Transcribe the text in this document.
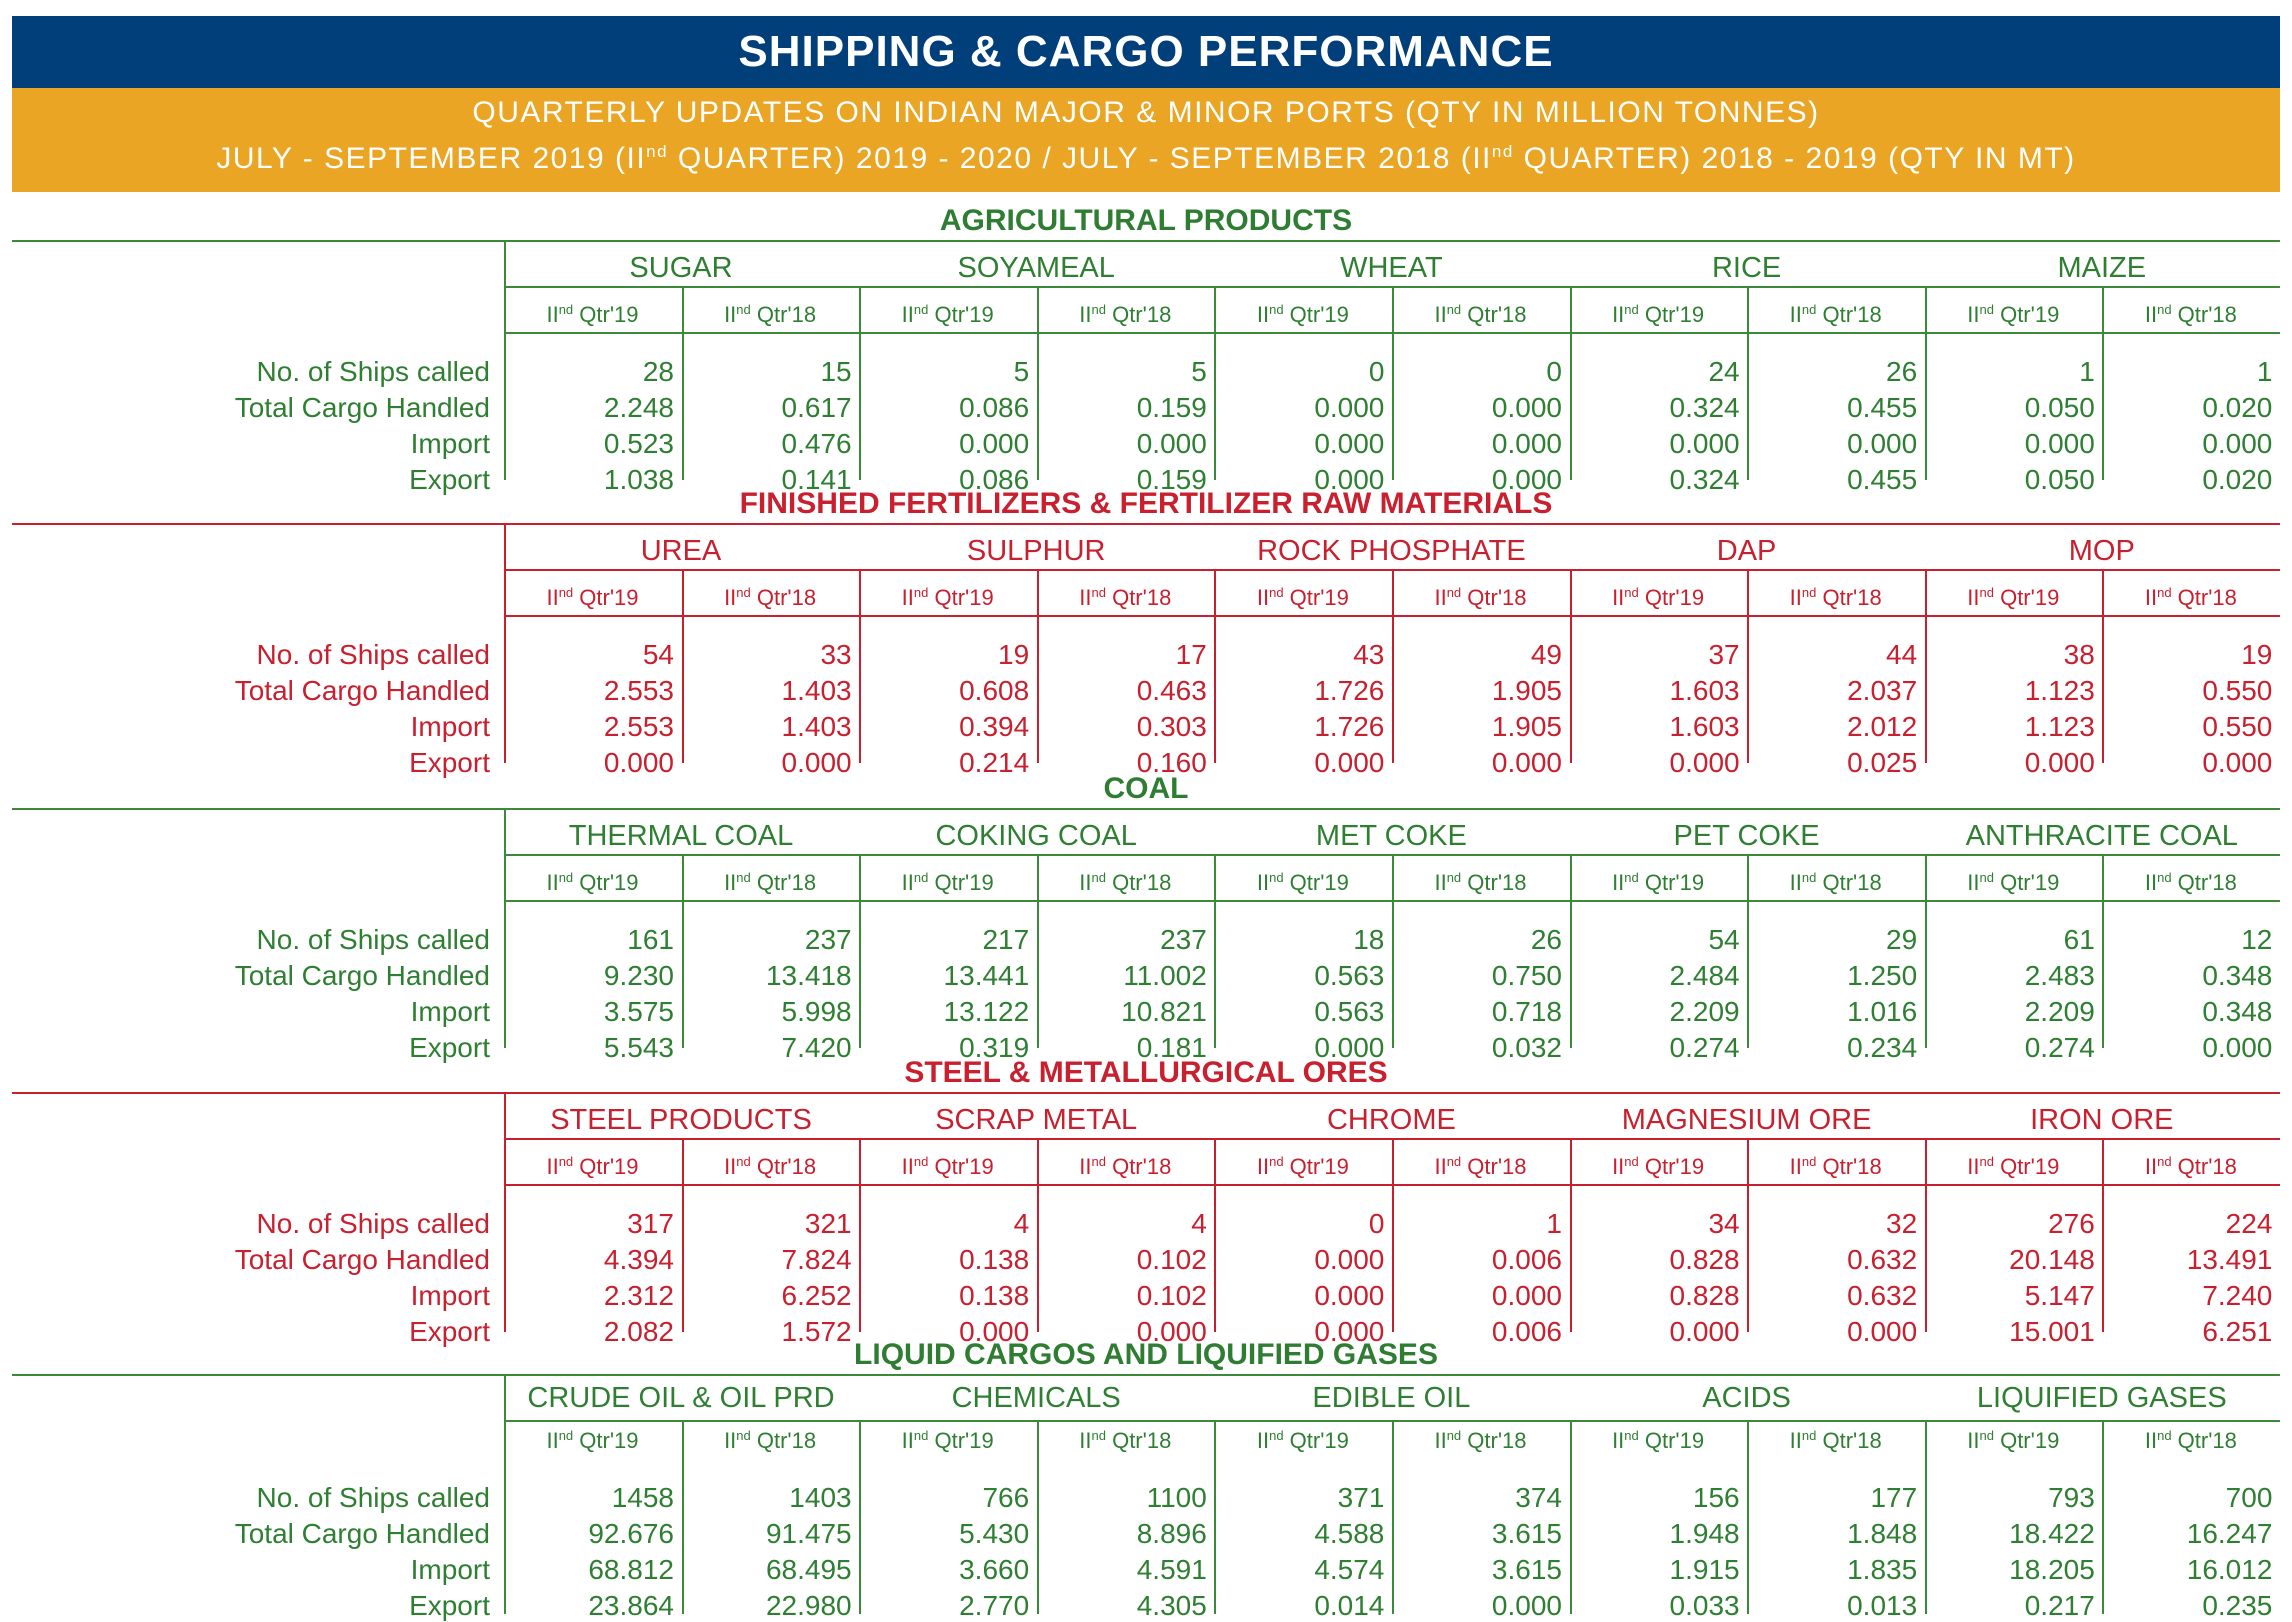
SHIPPING & CARGO PERFORMANCE
QUARTERLY UPDATES ON INDIAN MAJOR & MINOR PORTS (QTY IN MILLION TONNES)
JULY - SEPTEMBER 2019 (IInd QUARTER) 2019 - 2020 / JULY - SEPTEMBER 2018 (IInd QUARTER) 2018 - 2019 (QTY IN MT)
AGRICULTURAL PRODUCTS
SUGAR	SOYAMEAL	WHEAT	RICE	MAIZE
IInd Qtr'19	IInd Qtr'18	IInd Qtr'19	IInd Qtr'18	IInd Qtr'19	IInd Qtr'18	IInd Qtr'19	IInd Qtr'18	IInd Qtr'19	IInd Qtr'18
No. of Ships called	28	15	5	5	0	0	24	26	1	1
Total Cargo Handled	2.248	0.617	0.086	0.159	0.000	0.000	0.324	0.455	0.050	0.020
Import	0.523	0.476	0.000	0.000	0.000	0.000	0.000	0.000	0.000	0.000
Export	1.038	0.141	0.086	0.159	0.000	0.000	0.324	0.455	0.050	0.020
FINISHED FERTILIZERS & FERTILIZER RAW MATERIALS
UREA	SULPHUR	ROCK PHOSPHATE	DAP	MOP
IInd Qtr'19	IInd Qtr'18	IInd Qtr'19	IInd Qtr'18	IInd Qtr'19	IInd Qtr'18	IInd Qtr'19	IInd Qtr'18	IInd Qtr'19	IInd Qtr'18
No. of Ships called	54	33	19	17	43	49	37	44	38	19
Total Cargo Handled	2.553	1.403	0.608	0.463	1.726	1.905	1.603	2.037	1.123	0.550
Import	2.553	1.403	0.394	0.303	1.726	1.905	1.603	2.012	1.123	0.550
Export	0.000	0.000	0.214	0.160	0.000	0.000	0.000	0.025	0.000	0.000
COAL
THERMAL COAL	COKING COAL	MET COKE	PET COKE	ANTHRACITE COAL
IInd Qtr'19	IInd Qtr'18	IInd Qtr'19	IInd Qtr'18	IInd Qtr'19	IInd Qtr'18	IInd Qtr'19	IInd Qtr'18	IInd Qtr'19	IInd Qtr'18
No. of Ships called	161	237	217	237	18	26	54	29	61	12
Total Cargo Handled	9.230	13.418	13.441	11.002	0.563	0.750	2.484	1.250	2.483	0.348
Import	3.575	5.998	13.122	10.821	0.563	0.718	2.209	1.016	2.209	0.348
Export	5.543	7.420	0.319	0.181	0.000	0.032	0.274	0.234	0.274	0.000
STEEL & METALLURGICAL ORES
STEEL PRODUCTS	SCRAP METAL	CHROME	MAGNESIUM ORE	IRON ORE
IInd Qtr'19	IInd Qtr'18	IInd Qtr'19	IInd Qtr'18	IInd Qtr'19	IInd Qtr'18	IInd Qtr'19	IInd Qtr'18	IInd Qtr'19	IInd Qtr'18
No. of Ships called	317	321	4	4	0	1	34	32	276	224
Total Cargo Handled	4.394	7.824	0.138	0.102	0.000	0.006	0.828	0.632	20.148	13.491
Import	2.312	6.252	0.138	0.102	0.000	0.000	0.828	0.632	5.147	7.240
Export	2.082	1.572	0.000	0.000	0.000	0.006	0.000	0.000	15.001	6.251
LIQUID CARGOS AND LIQUIFIED GASES
CRUDE OIL & OIL PRD	CHEMICALS	EDIBLE OIL	ACIDS	LIQUIFIED GASES
IInd Qtr'19	IInd Qtr'18	IInd Qtr'19	IInd Qtr'18	IInd Qtr'19	IInd Qtr'18	IInd Qtr'19	IInd Qtr'18	IInd Qtr'19	IInd Qtr'18
No. of Ships called	1458	1403	766	1100	371	374	156	177	793	700
Total Cargo Handled	92.676	91.475	5.430	8.896	4.588	3.615	1.948	1.848	18.422	16.247
Import	68.812	68.495	3.660	4.591	4.574	3.615	1.915	1.835	18.205	16.012
Export	23.864	22.980	2.770	4.305	0.014	0.000	0.033	0.013	0.217	0.235
